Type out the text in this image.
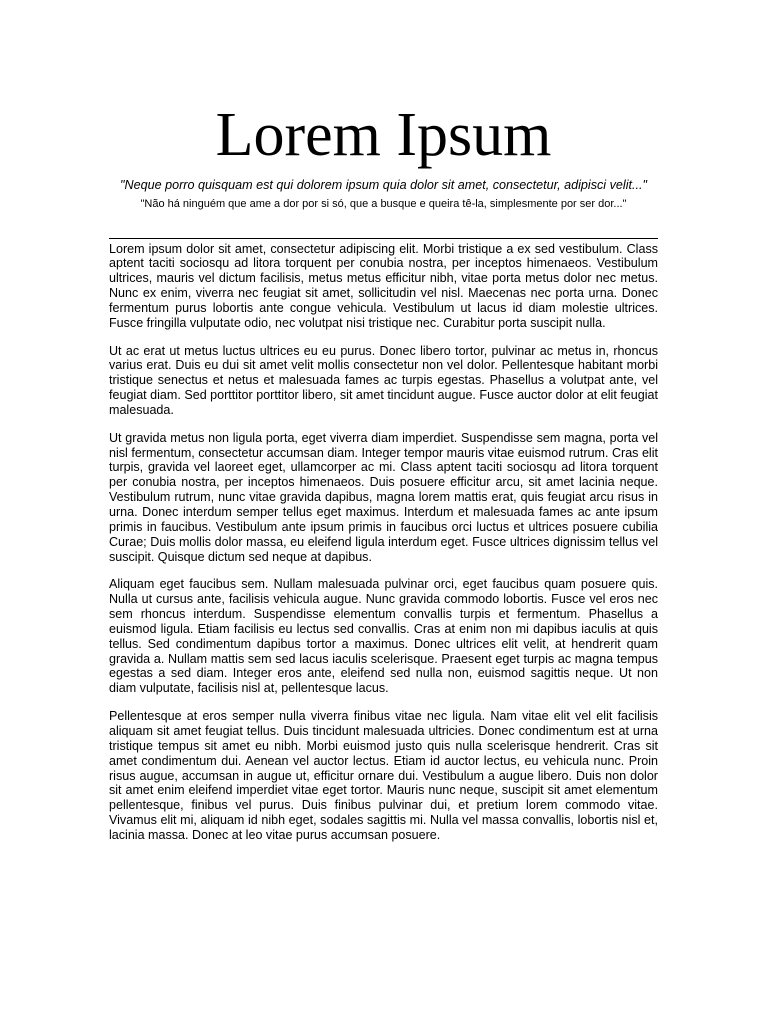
Lorem Ipsum

"Neque porro quisquam est qui dolorem ipsum quia dolor sit amet, consectetur, adipisci velit..."

"Não há ninguém que ame a dor por si só, que a busque e queira tê-la, simplesmente por ser dor..."

Lorem ipsum dolor sit amet, consectetur adipiscing elit. Morbi tristique a ex sed vestibulum. Class aptent taciti sociosqu ad litora torquent per conubia nostra, per inceptos himenaeos. Vestibulum ultrices, mauris vel dictum facilisis, metus metus efficitur nibh, vitae porta metus dolor nec metus. Nunc ex enim, viverra nec feugiat sit amet, sollicitudin vel nisl. Maecenas nec porta urna. Donec fermentum purus lobortis ante congue vehicula. Vestibulum ut lacus id diam molestie ultrices. Fusce fringilla vulputate odio, nec volutpat nisi tristique nec. Curabitur porta suscipit nulla.

Ut ac erat ut metus luctus ultrices eu eu purus. Donec libero tortor, pulvinar ac metus in, rhoncus varius erat. Duis eu dui sit amet velit mollis consectetur non vel dolor. Pellentesque habitant morbi tristique senectus et netus et malesuada fames ac turpis egestas. Phasellus a volutpat ante, vel feugiat diam. Sed porttitor porttitor libero, sit amet tincidunt augue. Fusce auctor dolor at elit feugiat malesuada.

Ut gravida metus non ligula porta, eget viverra diam imperdiet. Suspendisse sem magna, porta vel nisl fermentum, consectetur accumsan diam. Integer tempor mauris vitae euismod rutrum. Cras elit turpis, gravida vel laoreet eget, ullamcorper ac mi. Class aptent taciti sociosqu ad litora torquent per conubia nostra, per inceptos himenaeos. Duis posuere efficitur arcu, sit amet lacinia neque. Vestibulum rutrum, nunc vitae gravida dapibus, magna lorem mattis erat, quis feugiat arcu risus in urna. Donec interdum semper tellus eget maximus. Interdum et malesuada fames ac ante ipsum primis in faucibus. Vestibulum ante ipsum primis in faucibus orci luctus et ultrices posuere cubilia Curae; Duis mollis dolor massa, eu eleifend ligula interdum eget. Fusce ultrices dignissim tellus vel suscipit. Quisque dictum sed neque at dapibus.

Aliquam eget faucibus sem. Nullam malesuada pulvinar orci, eget faucibus quam posuere quis. Nulla ut cursus ante, facilisis vehicula augue. Nunc gravida commodo lobortis. Fusce vel eros nec sem rhoncus interdum. Suspendisse elementum convallis turpis et fermentum. Phasellus a euismod ligula. Etiam facilisis eu lectus sed convallis. Cras at enim non mi dapibus iaculis at quis tellus. Sed condimentum dapibus tortor a maximus. Donec ultrices elit velit, at hendrerit quam gravida a. Nullam mattis sem sed lacus iaculis scelerisque. Praesent eget turpis ac magna tempus egestas a sed diam. Integer eros ante, eleifend sed nulla non, euismod sagittis neque. Ut non diam vulputate, facilisis nisl at, pellentesque lacus.

Pellentesque at eros semper nulla viverra finibus vitae nec ligula. Nam vitae elit vel elit facilisis aliquam sit amet feugiat tellus. Duis tincidunt malesuada ultricies. Donec condimentum est at urna tristique tempus sit amet eu nibh. Morbi euismod justo quis nulla scelerisque hendrerit. Cras sit amet condimentum dui. Aenean vel auctor lectus. Etiam id auctor lectus, eu vehicula nunc. Proin risus augue, accumsan in augue ut, efficitur ornare dui. Vestibulum a augue libero. Duis non dolor sit amet enim eleifend imperdiet vitae eget tortor. Mauris nunc neque, suscipit sit amet elementum pellentesque, finibus vel purus. Duis finibus pulvinar dui, et pretium lorem commodo vitae. Vivamus elit mi, aliquam id nibh eget, sodales sagittis mi. Nulla vel massa convallis, lobortis nisl et, lacinia massa. Donec at leo vitae purus accumsan posuere.
